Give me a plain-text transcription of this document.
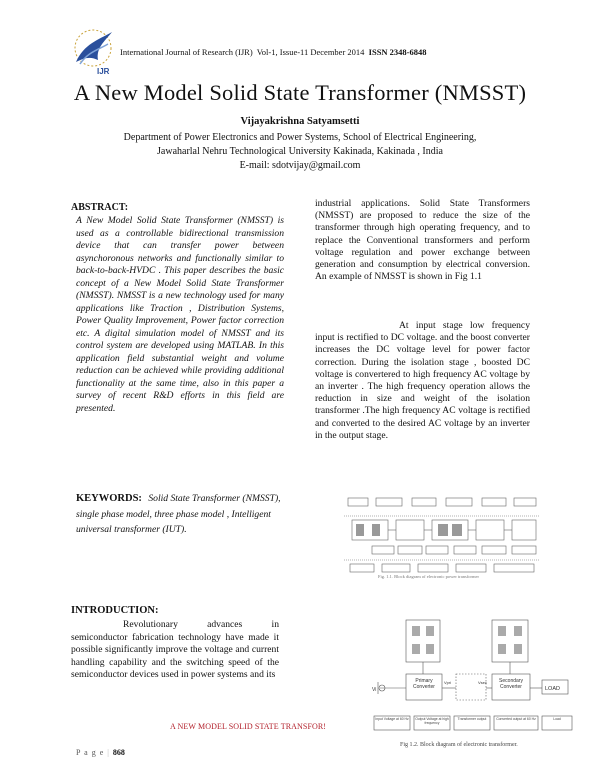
IJR
International Journal of Research (IJR) Vol-1, Issue-11 December 2014 ISSN 2348-6848
A New Model Solid State Transformer (NMSST)
Vijayakrishna Satyamsetti
Department of Power Electronics and Power Systems, School of Electrical Engineering,
Jawaharlal Nehru Technological University Kakinada, Kakinada , India
E-mail: sdotvijay@gmail.com
ABSTRACT:
A New Model Solid State Transformer (NMSST) is used as a controllable bidirectional transmission device that can transfer power between asynchoronous networks and functionally similar to back-to-back-HVDC . This paper describes the basic concept of a New Model Solid State Transformer (NMSST). NMSST is a new technology used for many applications like Traction , Distribution Systems, Power Quality Improvement, Power factor correction etc. A digital simulation model of NMSST and its control system are developed using MATLAB. In this application field substantial weight and volume reduction can be achieved while providing additional functionality at the same time, also in this paper a survey of recent R&D efforts in this field are presented.
KEYWORDS: Solid State Transformer (NMSST), single phase model, three phase model , Intelligent universal transformer (IUT).
INTRODUCTION:
Revolutionary advances in semiconductor fabrication technology have made it possible significantly improve the voltage and current handling capability and the switching speed of the semiconductor devices used in power systems and its
industrial applications. Solid State Transformers (NMSST) are proposed to reduce the size of the transformer through high operating frequency, and to replace the Conventional transformers and perform voltage regulation and power exchange between generation and consumption by electrical conversion. An example of NMSST is shown in Fig 1.1
At input stage low frequency input is rectified to DC voltage. and the boost converter increases the DC voltage level for power factor correction. During the isolation stage , boosted DC voltage is convertered to high frequency AC voltage by an inverter . The high frequency operation allows the reduction in size and weight of the isolation transformer .The high frequency AC voltage is rectified and converted to the desired AC voltage by an inverter in the output stage.
Fig. 1.1. Block diagram of electronic power transformer
Vi
Primary Converter
Vpri	Vsec	Secondary Converter	LOAD
Input Voltage at 60 Hz	Output Voltage at high frequency
Transformer output	Converted output at 60 Hz	Load
Fig 1.2. Block diagram of electronic transformer.
A NEW MODEL SOLID STATE TRANSFOR!
P a g e | 868
